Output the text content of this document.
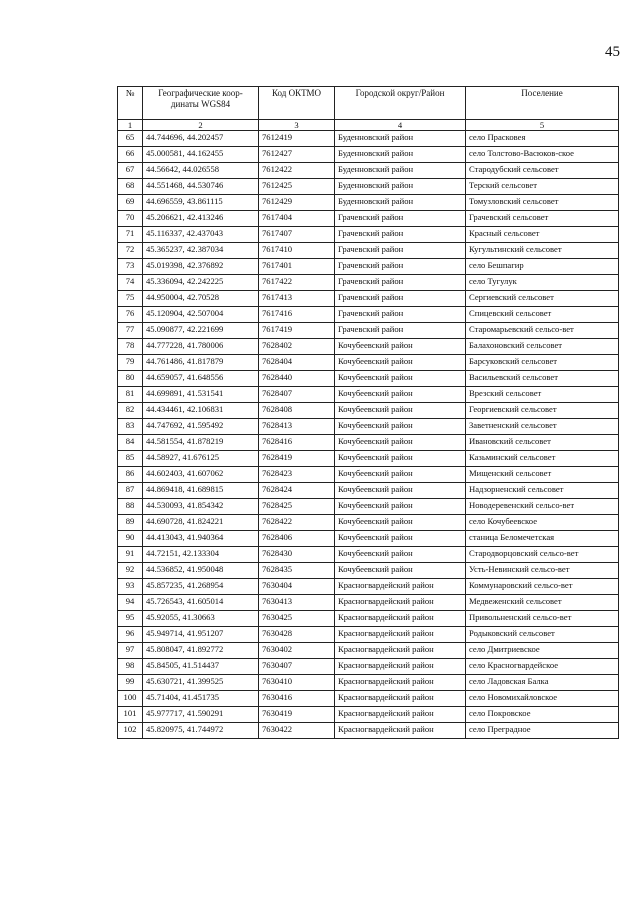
45
№	Географические коор-динаты WGS84	Код ОКТМО	Городской округ/Район	Поселение
1	2	3	4	5
65	44.744696, 44.202457	7612419	Буденновский район	село Прасковея
66	45.000581, 44.162455	7612427	Буденновский район	село Толстово-Васюков-ское
67	44.56642, 44.026558	7612422	Буденновский район	Стародубский сельсовет
68	44.551468, 44.530746	7612425	Буденновский район	Терский сельсовет
69	44.696559, 43.861115	7612429	Буденновский район	Томузловский сельсовет
70	45.206621, 42.413246	7617404	Грачевский район	Грачевский сельсовет
71	45.116337, 42.437043	7617407	Грачевский район	Красный сельсовет
72	45.365237, 42.387034	7617410	Грачевский район	Кугультинский сельсовет
73	45.019398, 42.376892	7617401	Грачевский район	село Бешпагир
74	45.336094, 42.242225	7617422	Грачевский район	село Тугулук
75	44.950004, 42.70528	7617413	Грачевский район	Сергиевский сельсовет
76	45.120904, 42.507004	7617416	Грачевский район	Спицевский сельсовет
77	45.090877, 42.221699	7617419	Грачевский район	Старомарьевский сельсо-вет
78	44.777228, 41.780006	7628402	Кочубеевский район	Балахоновский сельсовет
79	44.761486, 41.817879	7628404	Кочубеевский район	Барсуковский сельсовет
80	44.659057, 41.648556	7628440	Кочубеевский район	Васильевский сельсовет
81	44.699891, 41.531541	7628407	Кочубеевский район	Врезский сельсовет
82	44.434461, 42.106831	7628408	Кочубеевский район	Георгиевский сельсовет
83	44.747692, 41.595492	7628413	Кочубеевский район	Заветненский сельсовет
84	44.581554, 41.878219	7628416	Кочубеевский район	Ивановский сельсовет
85	44.58927, 41.676125	7628419	Кочубеевский район	Казьминский сельсовет
86	44.602403, 41.607062	7628423	Кочубеевский район	Мищенский сельсовет
87	44.869418, 41.689815	7628424	Кочубеевский район	Надзорненский сельсовет
88	44.530093, 41.854342	7628425	Кочубеевский район	Новодеревенский сельсо-вет
89	44.690728, 41.824221	7628422	Кочубеевский район	село Кочубеевское
90	44.413043, 41.940364	7628406	Кочубеевский район	станица Беломечетская
91	44.72151, 42.133304	7628430	Кочубеевский район	Стародворцовский сельсо-вет
92	44.536852, 41.950048	7628435	Кочубеевский район	Усть-Невинский сельсо-вет
93	45.857235, 41.268954	7630404	Красногвардейский район	Коммунаровский сельсо-вет
94	45.726543, 41.605014	7630413	Красногвардейский район	Медвеженский сельсовет
95	45.92055, 41.30663	7630425	Красногвардейский район	Привольненский сельсо-вет
96	45.949714, 41.951207	7630428	Красногвардейский район	Родыковский сельсовет
97	45.808047, 41.892772	7630402	Красногвардейский район	село Дмитриевское
98	45.84505, 41.514437	7630407	Красногвардейский район	село Красногвардейское
99	45.630721, 41.399525	7630410	Красногвардейский район	село Ладовская Балка
100	45.71404, 41.451735	7630416	Красногвардейский район	село Новомихайловское
101	45.977717, 41.590291	7630419	Красногвардейский район	село Покровское
102	45.820975, 41.744972	7630422	Красногвардейский район	село Преградное
